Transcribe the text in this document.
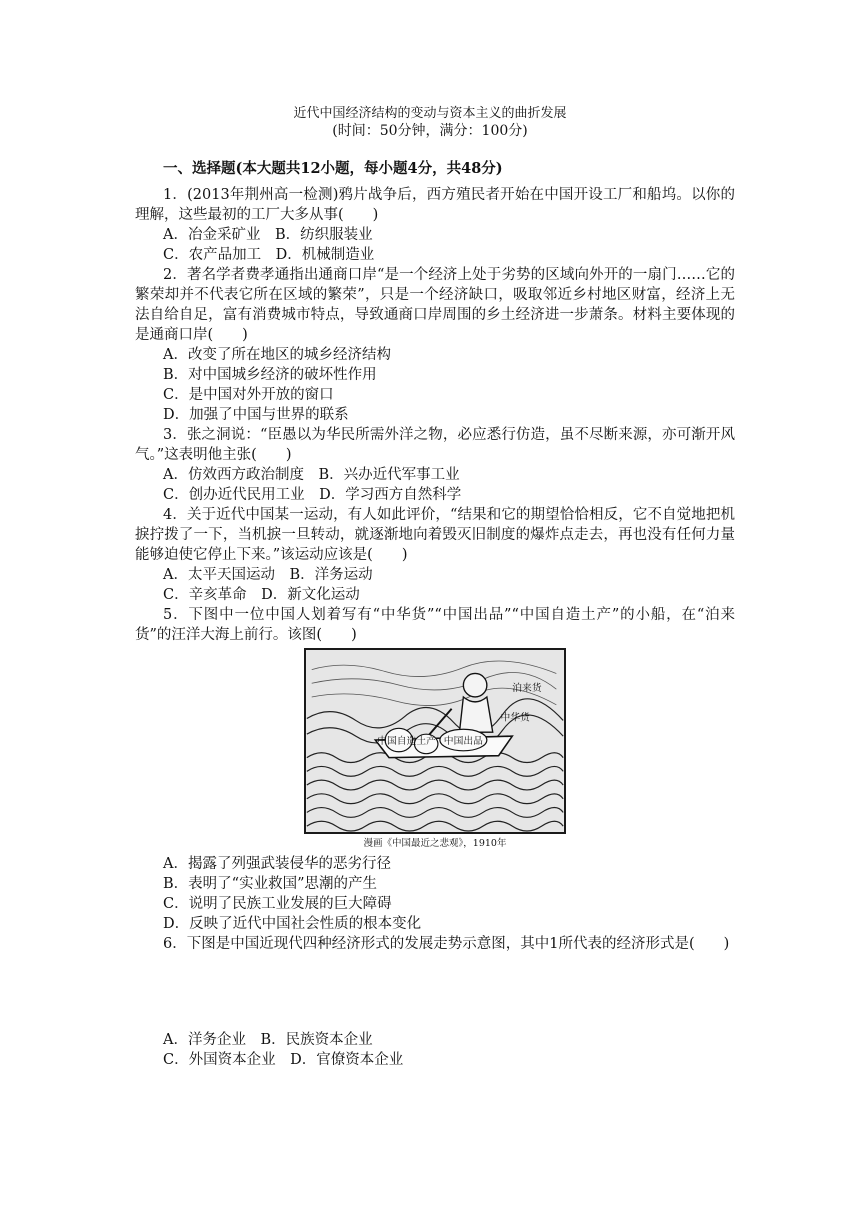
近代中国经济结构的变动与资本主义的曲折发展
(时间：50分钟，满分：100分)
一、选择题(本大题共12小题，每小题4分，共48分)

1．(2013年荆州高一检测)鸦片战争后，西方殖民者开始在中国开设工厂和船坞。以你的理解，这些最初的工厂大多从事(　　)

A．冶金采矿业　B．纺织服装业

C．农产品加工　D．机械制造业

2．著名学者费孝通指出通商口岸“是一个经济上处于劣势的区域向外开的一扇门……它的繁荣却并不代表它所在区域的繁荣”，只是一个经济缺口，吸取邻近乡村地区财富，经济上无法自给自足，富有消费城市特点，导致通商口岸周围的乡土经济进一步萧条。材料主要体现的是通商口岸(　　)

A．改变了所在地区的城乡经济结构

B．对中国城乡经济的破坏性作用

C．是中国对外开放的窗口

D．加强了中国与世界的联系

3．张之洞说：“臣愚以为华民所需外洋之物，必应悉行仿造，虽不尽断来源，亦可渐开风气。”这表明他主张(　　)

A．仿效西方政治制度　B．兴办近代军事工业

C．创办近代民用工业　D．学习西方自然科学

4．关于近代中国某一运动，有人如此评价，“结果和它的期望恰恰相反，它不自觉地把机捩拧拨了一下，当机捩一旦转动，就逐渐地向着毁灭旧制度的爆炸点走去，再也没有任何力量能够迫使它停止下来。”该运动应该是(　　)

A．太平天国运动　B．洋务运动

C．辛亥革命　D．新文化运动

5．下图中一位中国人划着写有“中华货”“中国出品”“中国自造土产”的小船，在“泊来货”的汪洋大海上前行。该图(　　)

中华货
中国出品
中国自造土产
泊来货
漫画《中国最近之悲观》，1910年

A．揭露了列强武装侵华的恶劣行径

B．表明了“实业救国”思潮的产生

C．说明了民族工业发展的巨大障碍

D．反映了近代中国社会性质的根本变化

6．下图是中国近现代四种经济形式的发展走势示意图，其中1所代表的经济形式是(　　)

A．洋务企业　B．民族资本企业

C．外国资本企业　D．官僚资本企业
